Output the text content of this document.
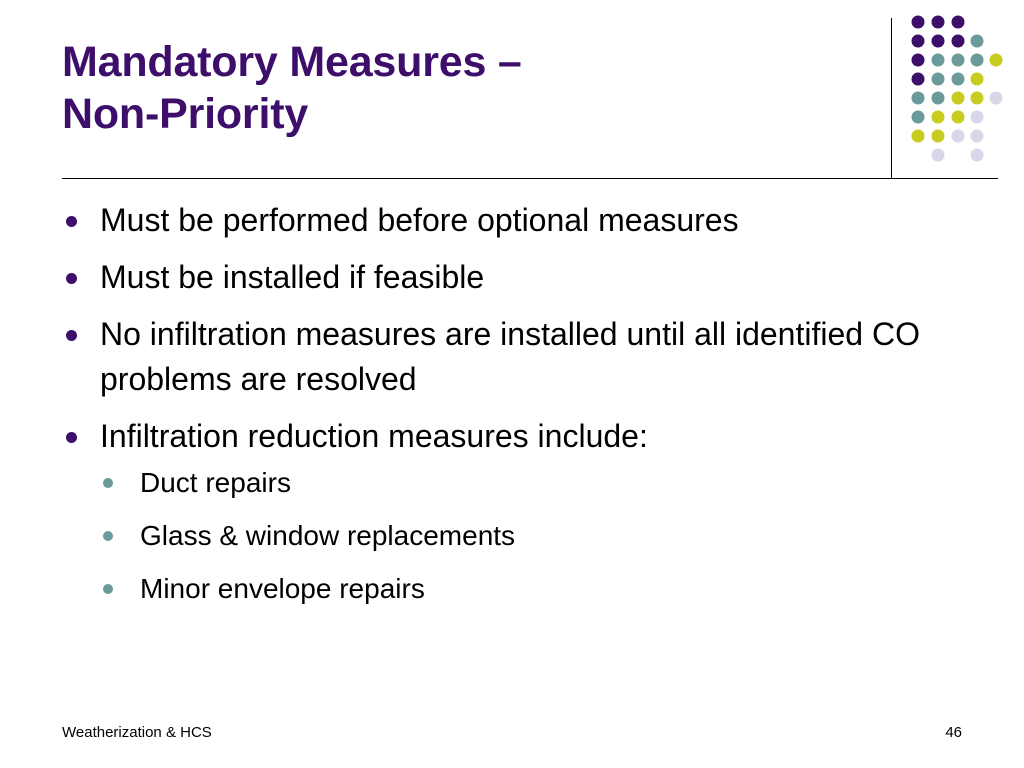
Mandatory Measures –
Non-Priority
Must be performed before optional measures
Must be installed if feasible
No infiltration measures are installed until all identified CO problems are resolved
Infiltration reduction measures include:
Duct repairs
Glass & window replacements
Minor envelope repairs
Weatherization & HCS	46
